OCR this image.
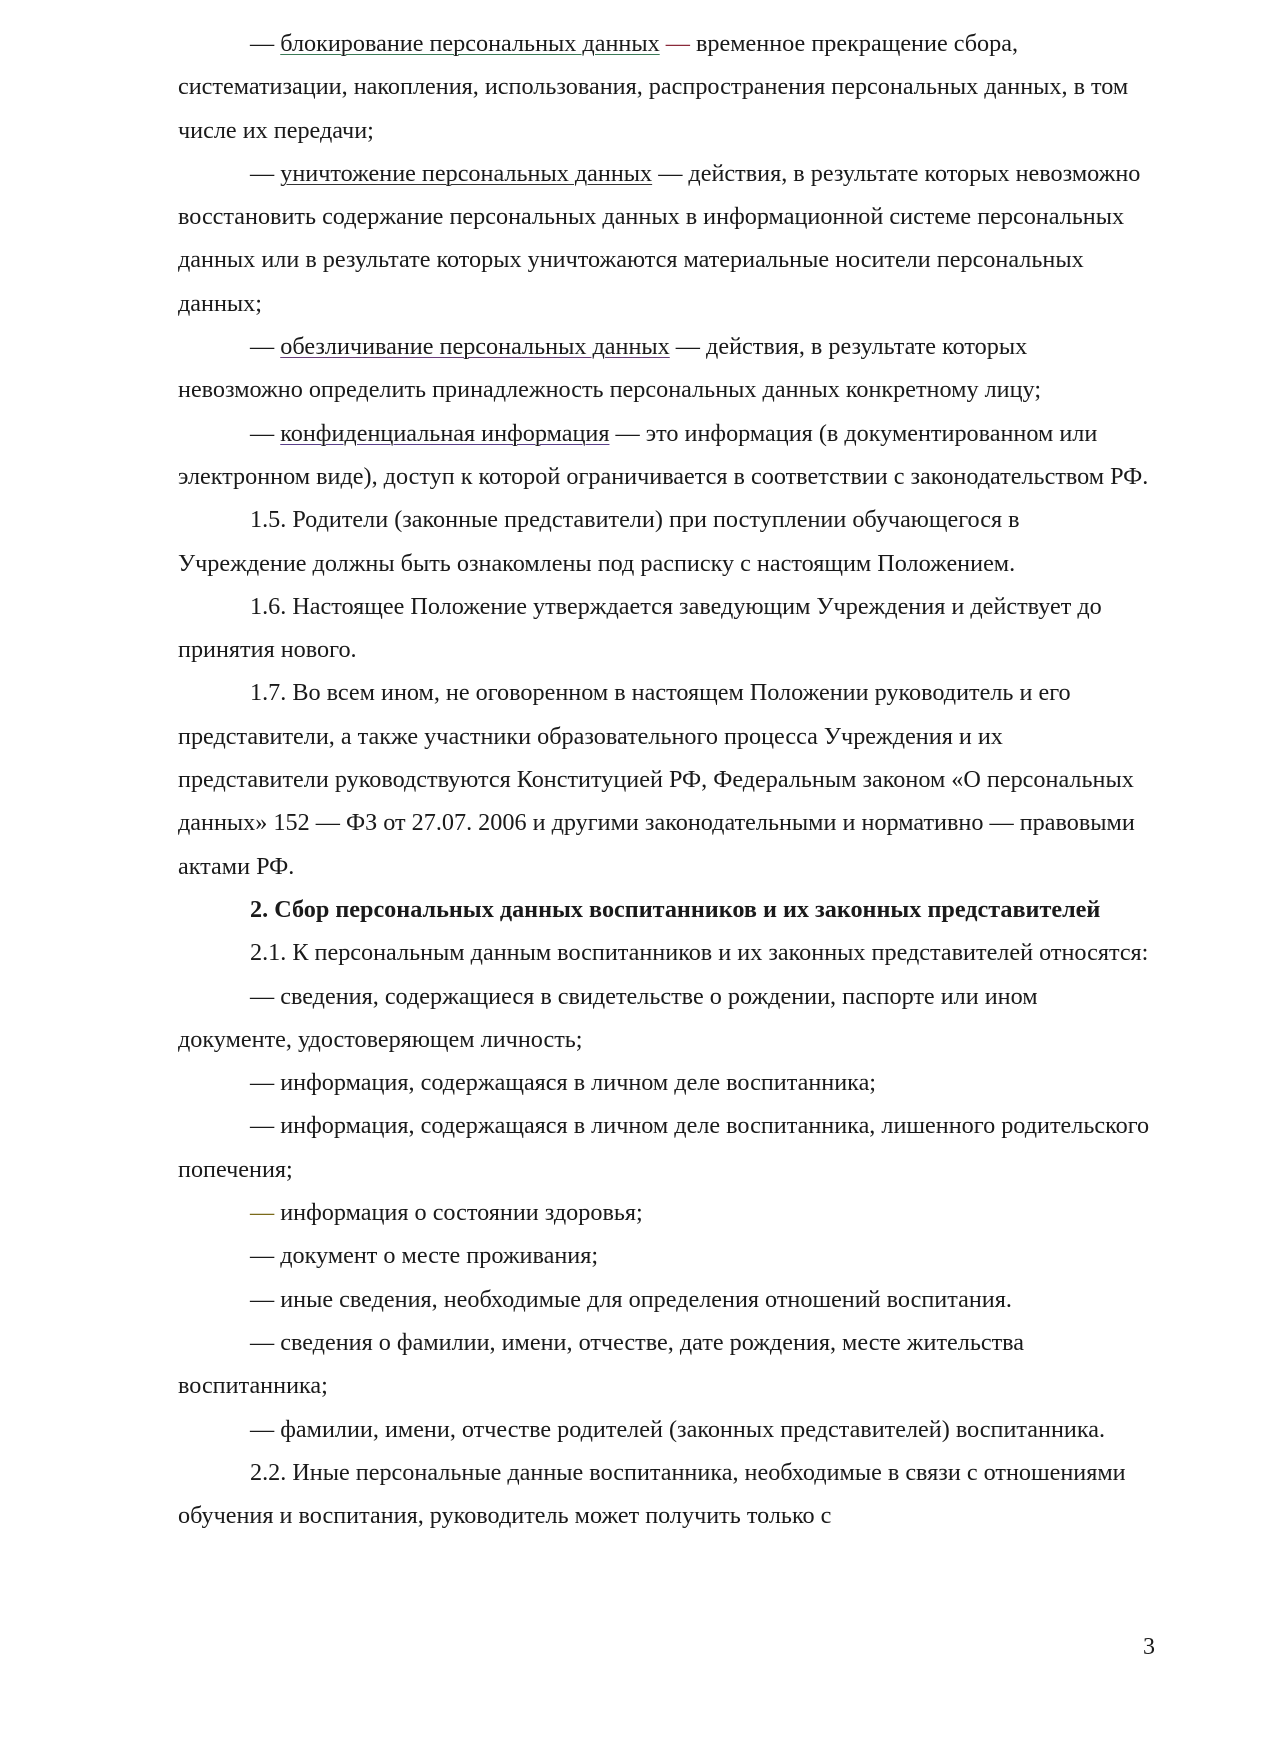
— блокирование персональных данных — временное прекращение сбора, систематизации, накопления, использования, распространения персональных данных, в том числе их передачи;

— уничтожение персональных данных — действия, в результате которых невозможно восстановить содержание персональных данных в информационной системе персональных данных или в результате которых уничтожаются материальные носители персональных данных;

— обезличивание персональных данных — действия, в результате которых невозможно определить принадлежность персональных данных конкретному лицу;

— конфиденциальная информация — это информация (в документированном или электронном виде), доступ к которой ограничивается в соответствии с законодательством РФ.

1.5. Родители (законные представители) при поступлении обучающегося в Учреждение должны быть ознакомлены под расписку с настоящим Положением.

1.6. Настоящее Положение утверждается заведующим Учреждения и действует до принятия нового.

1.7. Во всем ином, не оговоренном в настоящем Положении руководитель и его представители, а также участники образовательного процесса Учреждения и их представители руководствуются Конституцией РФ, Федеральным законом «О персональных данных» 152 — ФЗ от 27.07. 2006 и другими законодательными и нормативно — правовыми актами РФ.

2. Сбор персональных данных воспитанников и их законных представителей

2.1. К персональным данным воспитанников и их законных представителей относятся:

— сведения, содержащиеся в свидетельстве о рождении, паспорте или ином документе, удостоверяющем личность;

— информация, содержащаяся в личном деле воспитанника;

— информация, содержащаяся в личном деле воспитанника, лишенного родительского попечения;

— информация о состоянии здоровья;

— документ о месте проживания;

— иные сведения, необходимые для определения отношений воспитания.

— сведения о фамилии, имени, отчестве, дате рождения, месте жительства воспитанника;

— фамилии, имени, отчестве родителей (законных представителей) воспитанника.

2.2. Иные персональные данные воспитанника, необходимые в связи с отношениями обучения и воспитания, руководитель может получить только с

3
